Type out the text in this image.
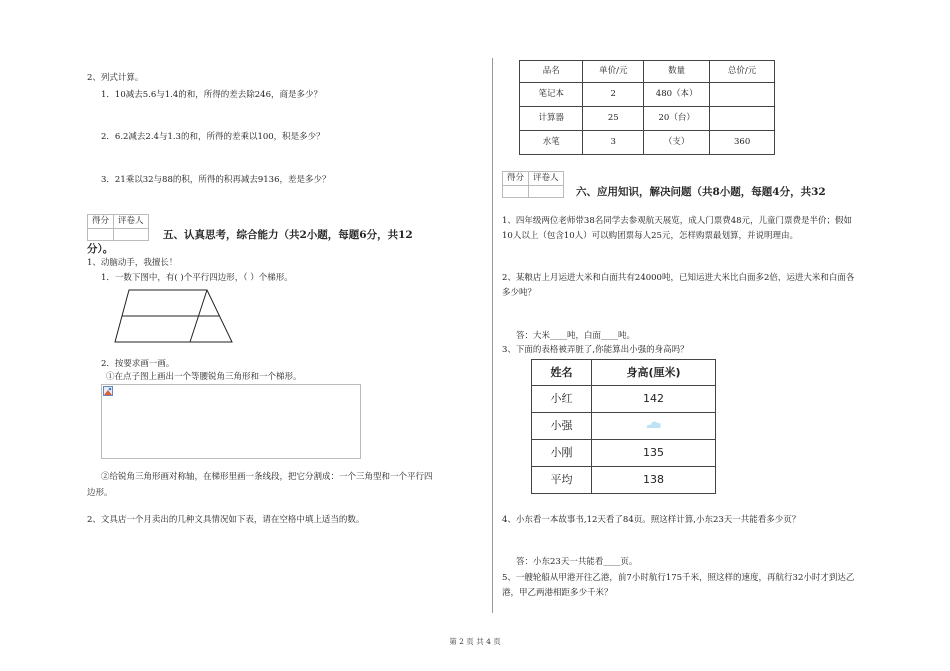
2、列式计算。
1．10减去5.6与1.4的和，所得的差去除246，商是多少？
2．6.2减去2.4与1.3的和，所得的差乘以100，积是多少？
3．21乘以32与88的积，所得的积再减去9136，差是多少？
得分	评卷人

五、认真思考，综合能力（共2小题，每题6分，共12
分）。
1、动脑动手，我擅长！
1．一数下图中，有( )个平行四边形，（ ）个梯形。
2．按要求画一画。
①在点子图上画出一个等腰锐角三角形和一个梯形。
②给锐角三角形画对称轴，在梯形里画一条线段，把它分割成：一个三角型和一个平行四
边形。
2、文具店一个月卖出的几种文具情况如下表，请在空格中填上适当的数。
品名	单价/元	数量	总价/元
笔记本	2	480（本）	
计算器	25	20（台）	
水笔	3	（支）	360
得分	评卷人

六、应用知识，解决问题（共8小题，每题4分，共32
1、四年级两位老师带38名同学去参观航天展览，成人门票费48元，儿童门票费是半价；假如
10人以上（包含10人）可以购团票每人25元，怎样购票最划算，并说明理由。
2、某粮店上月运进大米和白面共有24000吨，已知运进大米比白面多2倍，运进大米和白面各
多少吨？
答：大米____吨，白面____吨。
3、下面的表格被弄脏了,你能算出小强的身高吗？
姓名	身高(厘米)
小红	142
小强	
小刚	135
平均	138
4、小东看一本故事书,12天看了84页。照这样计算,小东23天一共能看多少页？
答：小东23天一共能看____页。
5、一艘轮船从甲港开往乙港，前7小时航行175千米，照这样的速度，再航行32小时才到达乙
港，甲乙两港相距多少千米？
第 2 页 共 4 页
